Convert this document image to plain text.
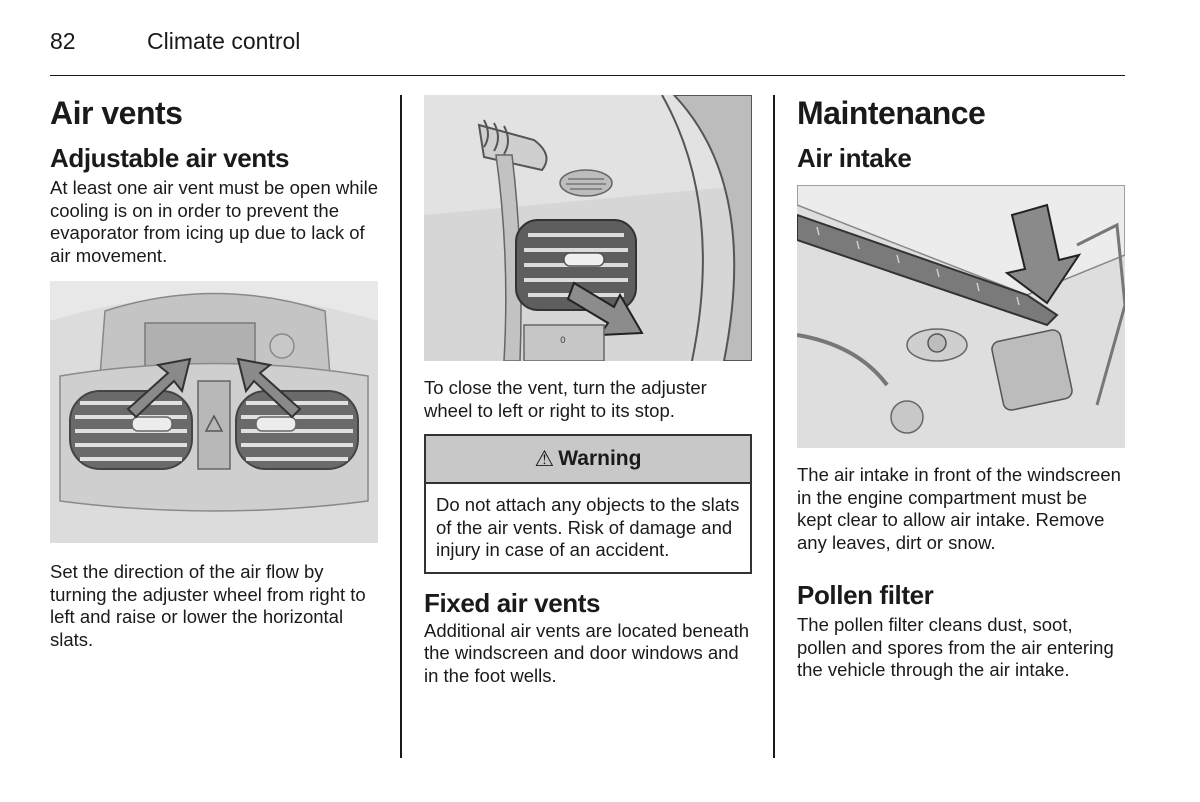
82	Climate control
Air vents
Adjustable air vents

At least one air vent must be open while cooling is on in order to prevent the evaporator from icing up due to lack of air movement.

Set the direction of the air flow by turning the adjuster wheel from right to left and raise or lower the horizontal slats.

0

To close the vent, turn the adjuster wheel to left or right to its stop.

⚠ Warning

Do not attach any objects to the slats of the air vents. Risk of damage and injury in case of an accident.

Fixed air vents

Additional air vents are located beneath the windscreen and door windows and in the foot wells.

Maintenance
Air intake

The air intake in front of the windscreen in the engine compartment must be kept clear to allow air intake. Remove any leaves, dirt or snow.

Pollen filter

The pollen filter cleans dust, soot, pollen and spores from the air entering the vehicle through the air intake.
